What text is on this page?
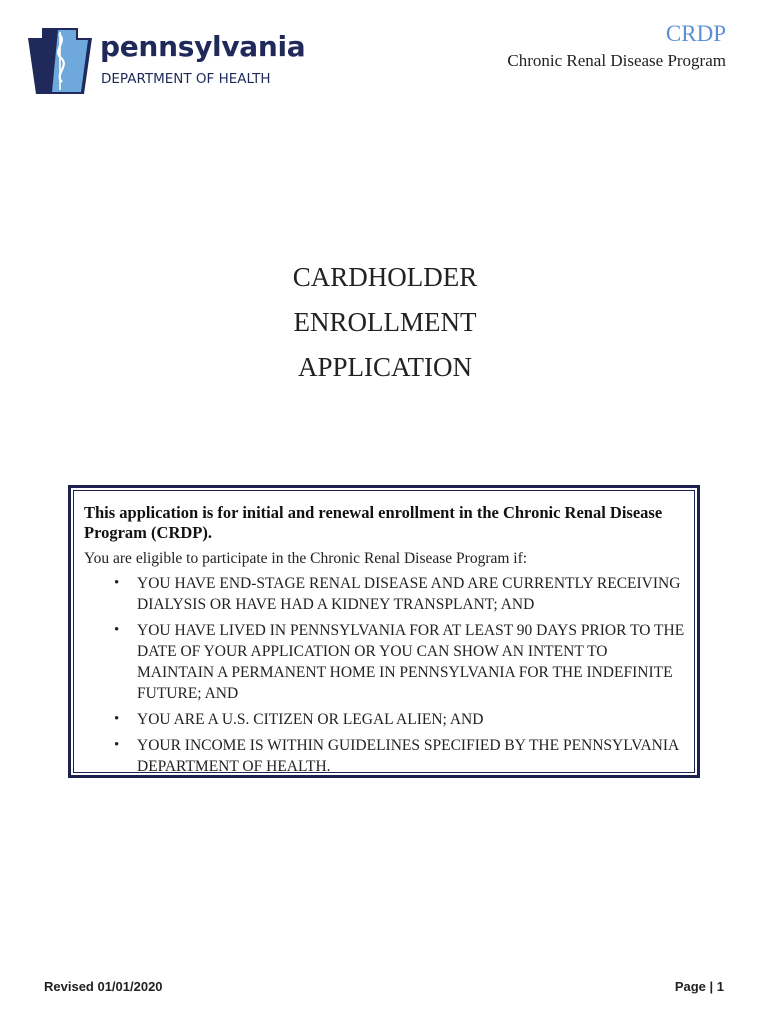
pennsylvania
DEPARTMENT OF HEALTH
CRDP
Chronic Renal Disease Program
CARDHOLDER
ENROLLMENT
APPLICATION

This application is for initial and renewal enrollment in the Chronic Renal Disease Program (CRDP).

You are eligible to participate in the Chronic Renal Disease Program if:

• YOU HAVE END-STAGE RENAL DISEASE AND ARE CURRENTLY RECEIVING DIALYSIS OR HAVE HAD A KIDNEY TRANSPLANT; AND
• YOU HAVE LIVED IN PENNSYLVANIA FOR AT LEAST 90 DAYS PRIOR TO THE DATE OF YOUR APPLICATION OR YOU CAN SHOW AN INTENT TO MAINTAIN A PERMANENT HOME IN PENNSYLVANIA FOR THE INDEFINITE FUTURE; AND
• YOU ARE A U.S. CITIZEN OR LEGAL ALIEN; AND
• YOUR INCOME IS WITHIN GUIDELINES SPECIFIED BY THE PENNSYLVANIA DEPARTMENT OF HEALTH.
Revised 01/01/2020	Page | 1
